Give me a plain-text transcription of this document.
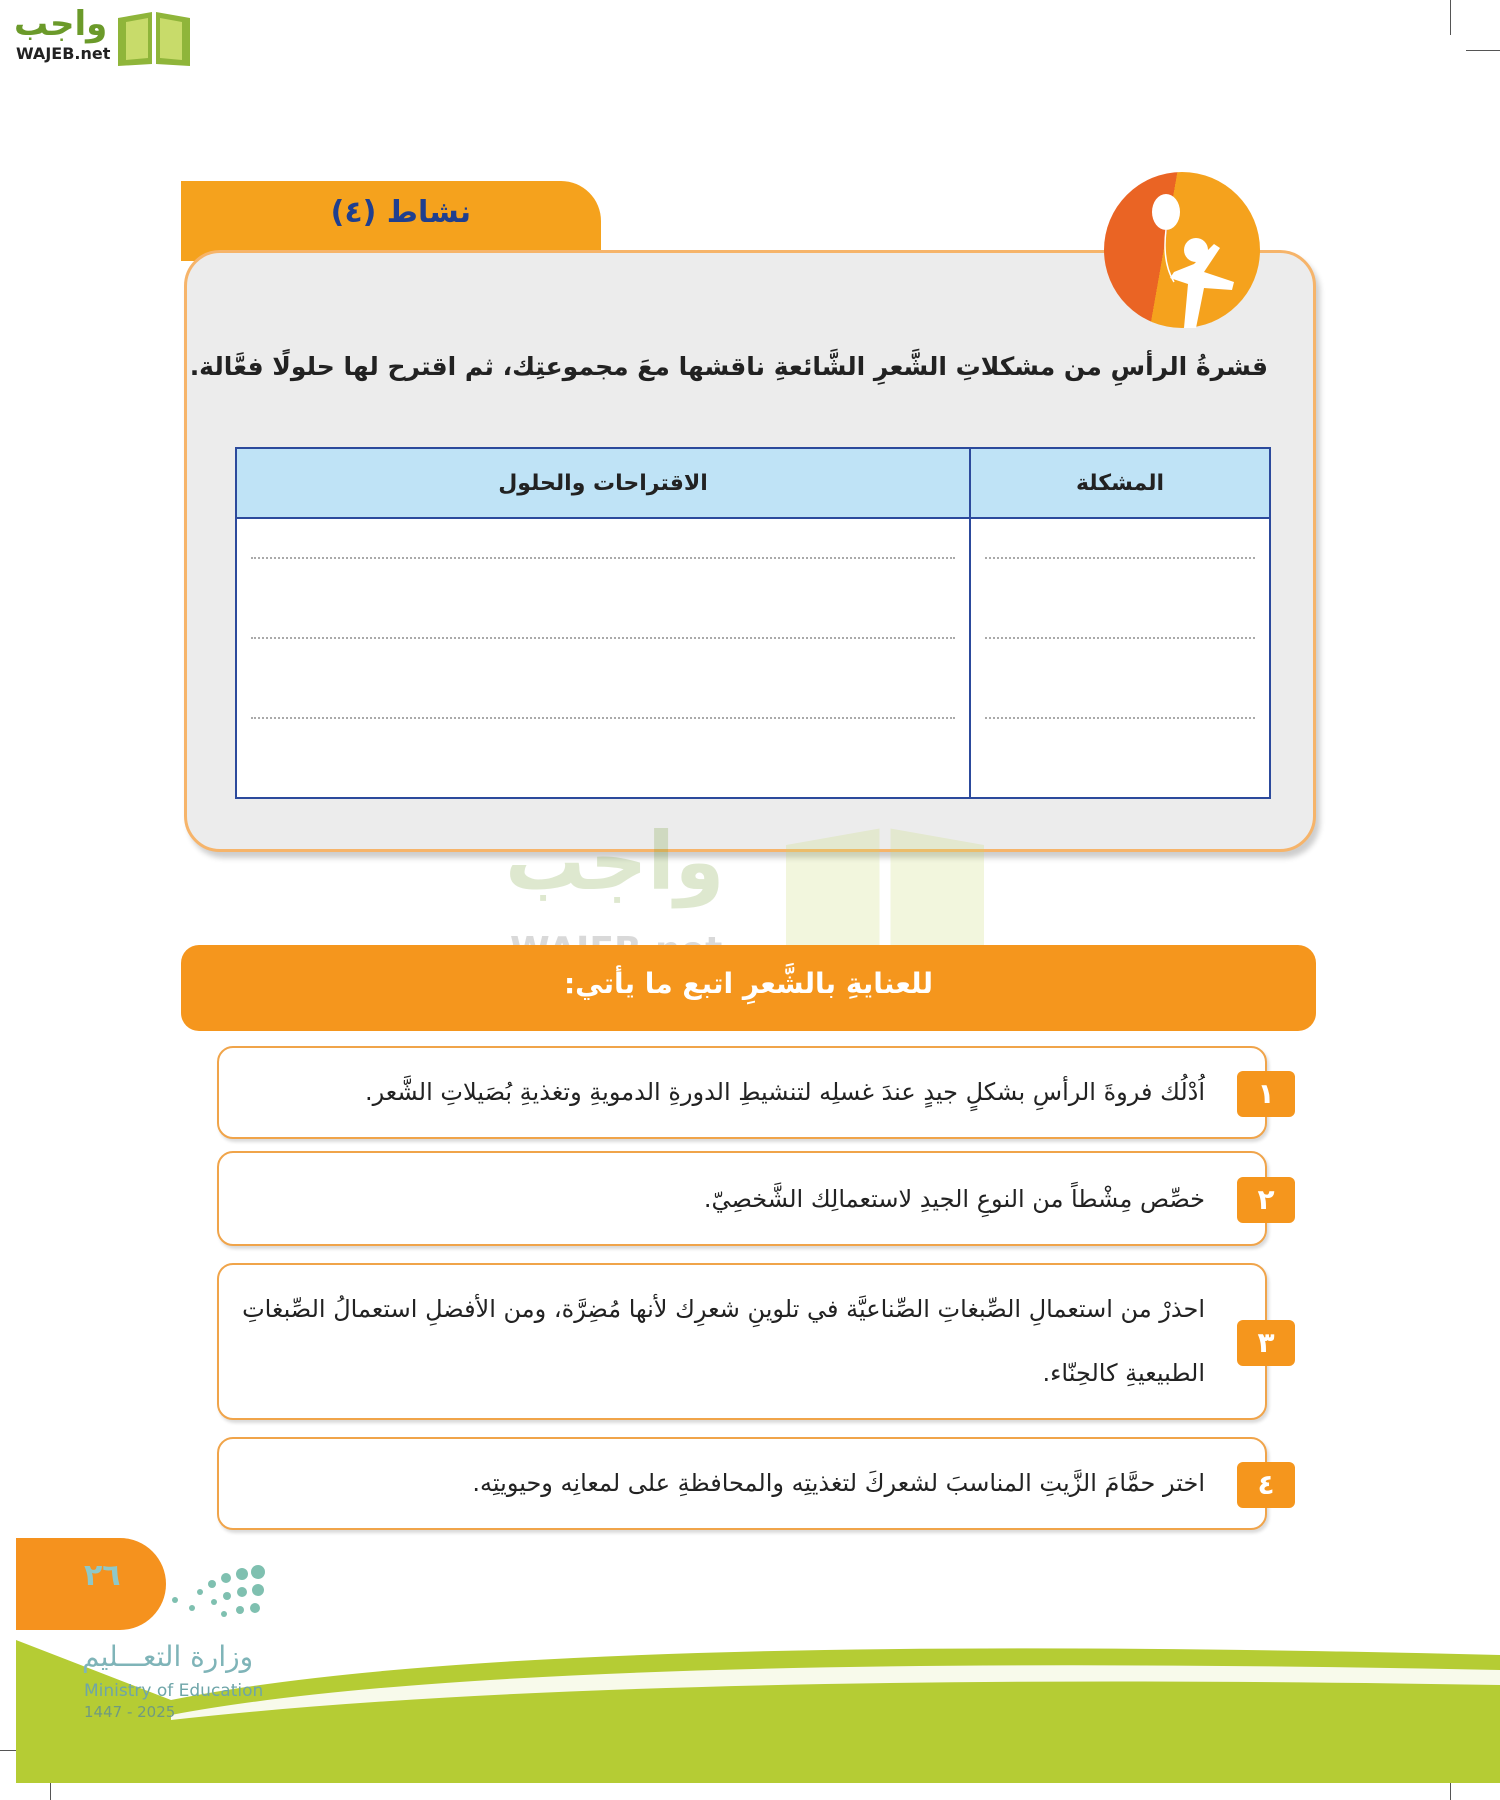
واجب
WAJEB.net
نشاط (٤)
قشرةُ الرأسِ من مشكلاتِ الشَّعرِ الشَّائعةِ ناقشها معَ مجموعتِك، ثم اقترح لها حلولًا فعَّالة.
المشكلة	الاقتراحات والحلول

واجب
للعنايةِ بالشَّعرِ اتبع ما يأتي:
اُدْلُك فروةَ الرأسِ بشكلٍ جيدٍ عندَ غسلِه لتنشيطِ الدورةِ الدمويةِ وتغذيةِ بُصَيلاتِ الشَّعر.	١
خصِّص مِشْطاً من النوعِ الجيدِ لاستعمالِك الشَّخصِيّ.	٢
احذرْ من استعمالِ الصِّبغاتِ الصِّناعيَّة في تلوينِ شعرِك لأنها مُضِرَّة، ومن الأفضلِ استعمالُ الصِّبغاتِ الطبيعيةِ كالحِنّاء.
٣
اختر حمَّامَ الزَّيتِ المناسبَ لشعركَ لتغذيتِه والمحافظةِ على لمعانِه وحيويتِه.	٤
٢٦
وزارة التعـــليم
Ministry of Education
2025 - 1447
